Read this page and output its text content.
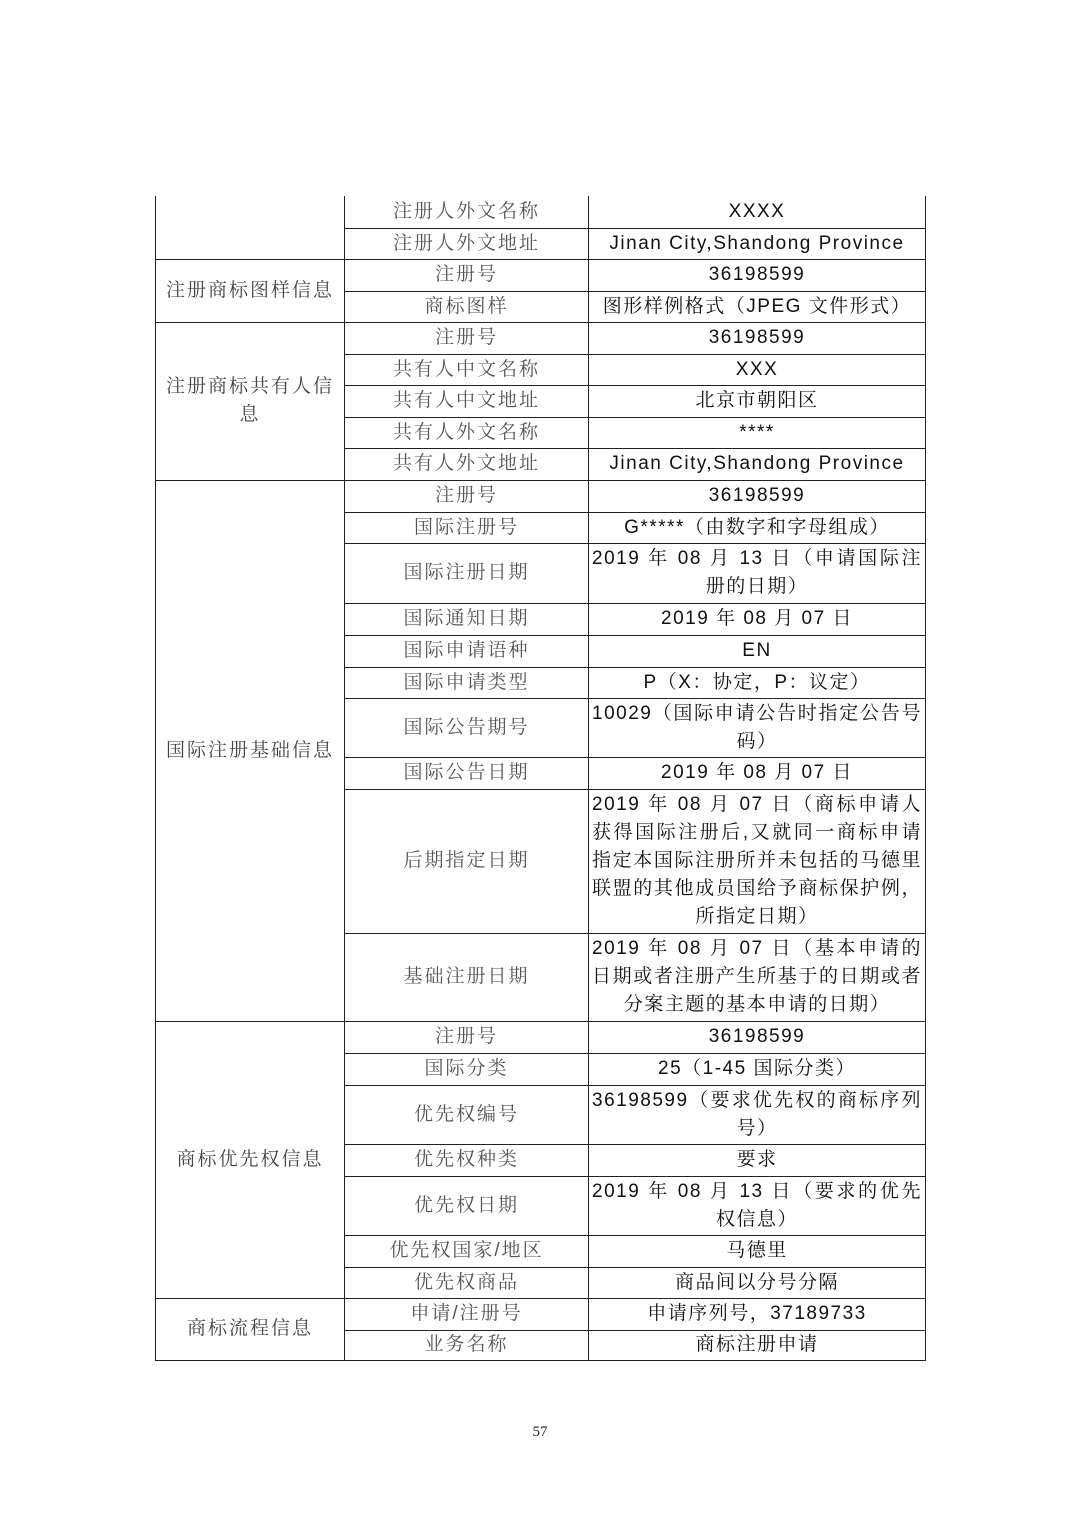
	注册人外文名称	XXXX
	注册人外文地址	Jinan City,Shandong Province
注册商标图样信息	注册号	36198599
	商标图样	图形样例格式（JPEG 文件形式）
注册商标共有人信息	注册号	36198599
	共有人中文名称	XXX
	共有人中文地址	北京市朝阳区
	共有人外文名称	****
	共有人外文地址	Jinan City,Shandong Province
国际注册基础信息	注册号	36198599
	国际注册号	G*****（由数字和字母组成）
	国际注册日期	2019 年 08 月 13 日（申请国际注册的日期）
	国际通知日期	2019 年 08 月 07 日
	国际申请语种	EN
	国际申请类型	P（X：协定，P：议定）
	国际公告期号	10029（国际申请公告时指定公告号码）
	国际公告日期	2019 年 08 月 07 日
	后期指定日期	2019 年 08 月 07 日（商标申请人获得国际注册后,又就同一商标申请指定本国际注册所并未包括的马德里联盟的其他成员国给予商标保护例，所指定日期）
	基础注册日期	2019 年 08 月 07 日（基本申请的日期或者注册产生所基于的日期或者分案主题的基本申请的日期）
商标优先权信息	注册号	36198599
	国际分类	25（1-45 国际分类）
	优先权编号	36198599（要求优先权的商标序列号）
	优先权种类	要求
	优先权日期	2019 年 08 月 13 日（要求的优先权信息）
	优先权国家/地区	马德里
	优先权商品	商品间以分号分隔
商标流程信息	申请/注册号	申请序列号，37189733
	业务名称	商标注册申请
57
